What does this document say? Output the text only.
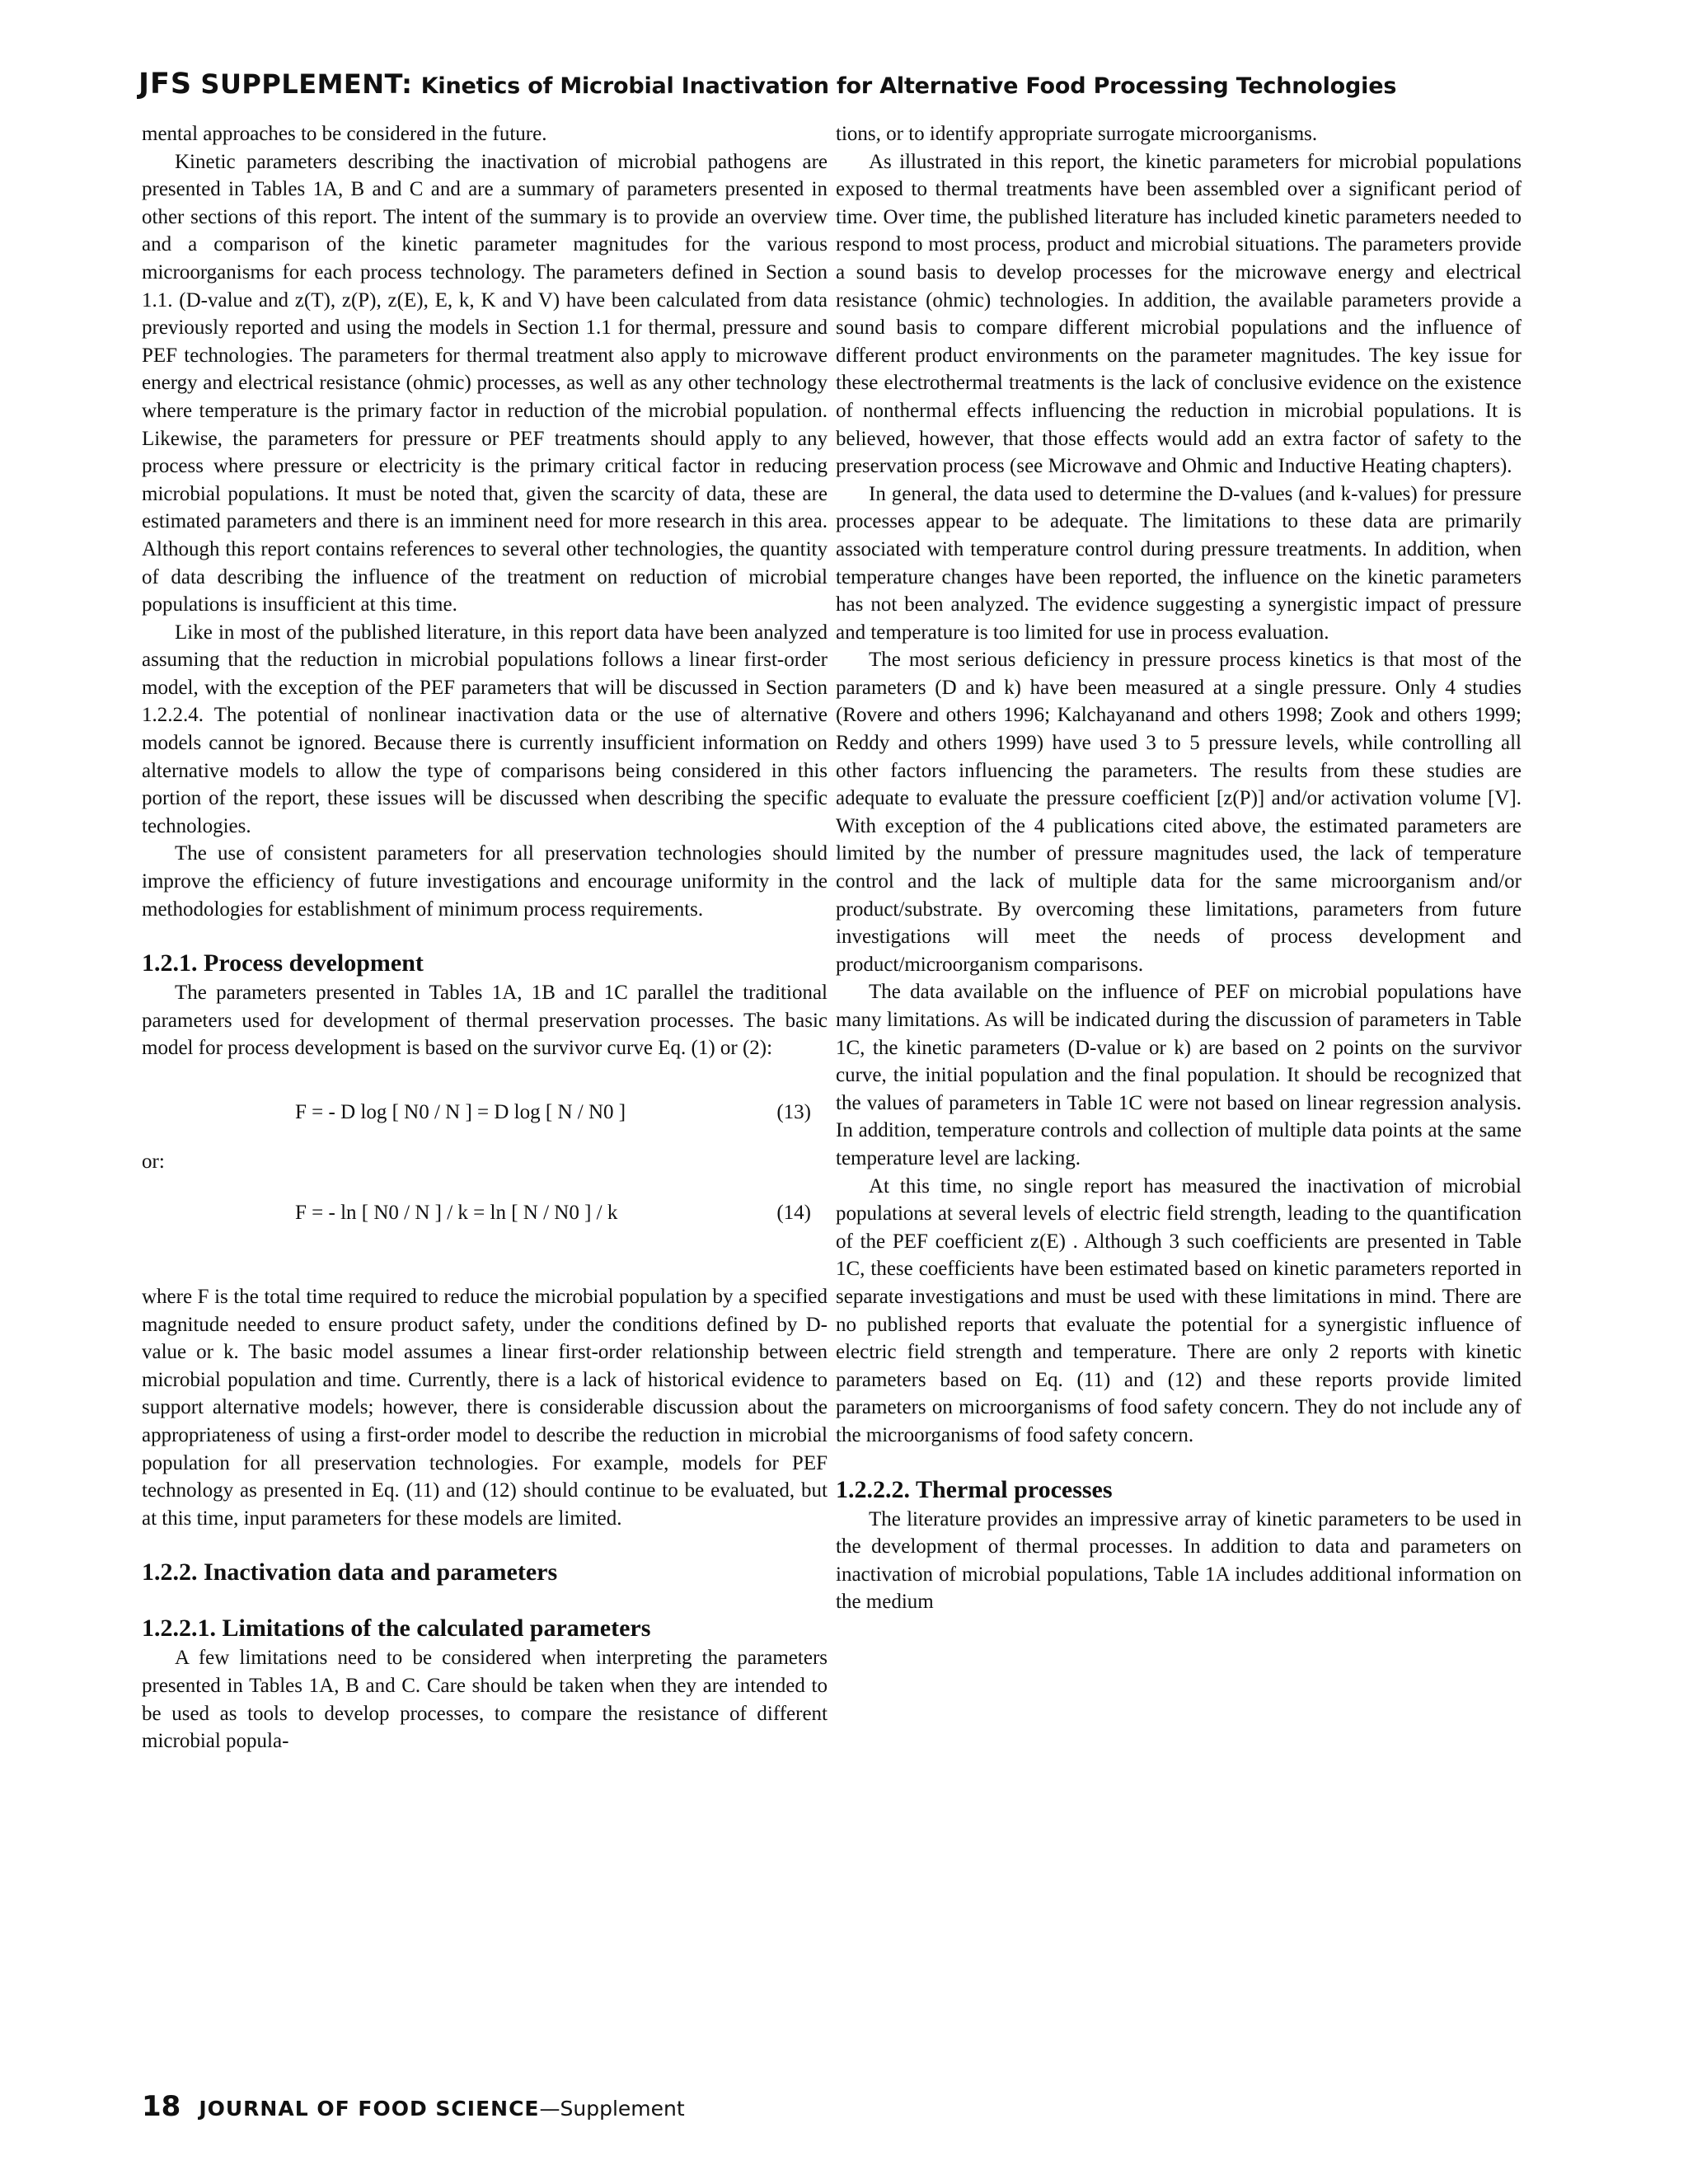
JFS SUPPLEMENT: Kinetics of Microbial Inactivation for Alternative Food Processing Technologies

mental approaches to be considered in the future.

Kinetic parameters describing the inactivation of microbial pathogens are presented in Tables 1A, B and C and are a summary of parameters presented in other sections of this report. The intent of the summary is to provide an overview and a comparison of the kinetic parameter magnitudes for the various microorganisms for each process technology. The parameters defined in Section 1.1. (D-value and z(T), z(P), z(E), E, k, K and V) have been calculated from data previously reported and using the models in Section 1.1 for thermal, pressure and PEF technologies. The parameters for thermal treatment also apply to microwave energy and electrical resistance (ohmic) processes, as well as any other technology where temperature is the primary factor in reduction of the microbial population. Likewise, the parameters for pressure or PEF treatments should apply to any process where pressure or electricity is the primary critical factor in reducing microbial populations. It must be noted that, given the scarcity of data, these are estimated parameters and there is an imminent need for more research in this area. Although this report contains references to several other technologies, the quantity of data describing the influence of the treatment on reduction of microbial populations is insufficient at this time.

Like in most of the published literature, in this report data have been analyzed assuming that the reduction in microbial populations follows a linear first-order model, with the exception of the PEF parameters that will be discussed in Section 1.2.2.4. The potential of nonlinear inactivation data or the use of alternative models cannot be ignored. Because there is currently insufficient information on alternative models to allow the type of comparisons being considered in this portion of the report, these issues will be discussed when describing the specific technologies.

The use of consistent parameters for all preservation technologies should improve the efficiency of future investigations and encourage uniformity in the methodologies for establishment of minimum process requirements.

1.2.1. Process development

The parameters presented in Tables 1A, 1B and 1C parallel the traditional parameters used for development of thermal preservation processes. The basic model for process development is based on the survivor curve Eq. (1) or (2):

F = - D log [ N0 / N ] = D log [ N / N0 ]	(13)
or:
F = - ln [ N0 / N ] / k = ln [ N / N0 ] / k	(14)

where F is the total time required to reduce the microbial population by a specified magnitude needed to ensure product safety, under the conditions defined by D-value or k. The basic model assumes a linear first-order relationship between microbial population and time. Currently, there is a lack of historical evidence to support alternative models; however, there is considerable discussion about the appropriateness of using a first-order model to describe the reduction in microbial population for all preservation technologies. For example, models for PEF technology as presented in Eq. (11) and (12) should continue to be evaluated, but at this time, input parameters for these models are limited.

1.2.2. Inactivation data and parameters
1.2.2.1. Limitations of the calculated parameters

A few limitations need to be considered when interpreting the parameters presented in Tables 1A, B and C. Care should be taken when they are intended to be used as tools to develop processes, to compare the resistance of different microbial popula-

tions, or to identify appropriate surrogate microorganisms.

As illustrated in this report, the kinetic parameters for microbial populations exposed to thermal treatments have been assembled over a significant period of time. Over time, the published literature has included kinetic parameters needed to respond to most process, product and microbial situations. The parameters provide a sound basis to develop processes for the microwave energy and electrical resistance (ohmic) technologies. In addition, the available parameters provide a sound basis to compare different microbial populations and the influence of different product environments on the parameter magnitudes. The key issue for these electrothermal treatments is the lack of conclusive evidence on the existence of nonthermal effects influencing the reduction in microbial populations. It is believed, however, that those effects would add an extra factor of safety to the preservation process (see Microwave and Ohmic and Inductive Heating chapters).

In general, the data used to determine the D-values (and k-values) for pressure processes appear to be adequate. The limitations to these data are primarily associated with temperature control during pressure treatments. In addition, when temperature changes have been reported, the influence on the kinetic parameters has not been analyzed. The evidence suggesting a synergistic impact of pressure and temperature is too limited for use in process evaluation.

The most serious deficiency in pressure process kinetics is that most of the parameters (D and k) have been measured at a single pressure. Only 4 studies (Rovere and others 1996; Kalchayanand and others 1998; Zook and others 1999; Reddy and others 1999) have used 3 to 5 pressure levels, while controlling all other factors influencing the parameters. The results from these studies are adequate to evaluate the pressure coefficient [z(P)] and/or activation volume [V]. With exception of the 4 publications cited above, the estimated parameters are limited by the number of pressure magnitudes used, the lack of temperature control and the lack of multiple data for the same microorganism and/or product/substrate. By overcoming these limitations, parameters from future investigations will meet the needs of process development and product/microorganism comparisons.

The data available on the influence of PEF on microbial populations have many limitations. As will be indicated during the discussion of parameters in Table 1C, the kinetic parameters (D-value or k) are based on 2 points on the survivor curve, the initial population and the final population. It should be recognized that the values of parameters in Table 1C were not based on linear regression analysis. In addition, temperature controls and collection of multiple data points at the same temperature level are lacking.

At this time, no single report has measured the inactivation of microbial populations at several levels of electric field strength, leading to the quantification of the PEF coefficient z(E) . Although 3 such coefficients are presented in Table 1C, these coefficients have been estimated based on kinetic parameters reported in separate investigations and must be used with these limitations in mind. There are no published reports that evaluate the potential for a synergistic influence of electric field strength and temperature. There are only 2 reports with kinetic parameters based on Eq. (11) and (12) and these reports provide limited parameters on microorganisms of food safety concern. They do not include any of the microorganisms of food safety concern.

1.2.2.2. Thermal processes

The literature provides an impressive array of kinetic parameters to be used in the development of thermal processes. In addition to data and parameters on inactivation of microbial populations, Table 1A includes additional information on the medium

18 JOURNAL OF FOOD SCIENCE—Supplement
